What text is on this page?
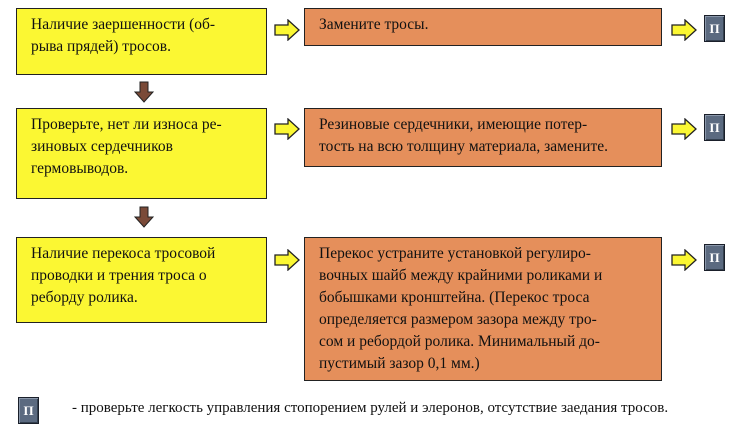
Наличие заершенности (об-
рыва прядей) тросов.
Замените тросы.	П
Проверьте, нет ли износа ре-
зиновых сердечников
гермовыводов.
Резиновые сердечники, имеющие потер-
тость на всю толщину материала, замените.
П
Наличие перекоса тросовой
проводки и трения троса о
реборду ролика.
Перекос устраните установкой регулиро-
вочных шайб между крайними роликами и
бобышками кронштейна. (Перекос троса
определяется размером зазора между тро-
сом и ребордой ролика. Минимальный до-
пустимый зазор 0,1 мм.)
П
П	- проверьте легкость управления стопорением рулей и элеронов, отсутствие заедания тросов.
